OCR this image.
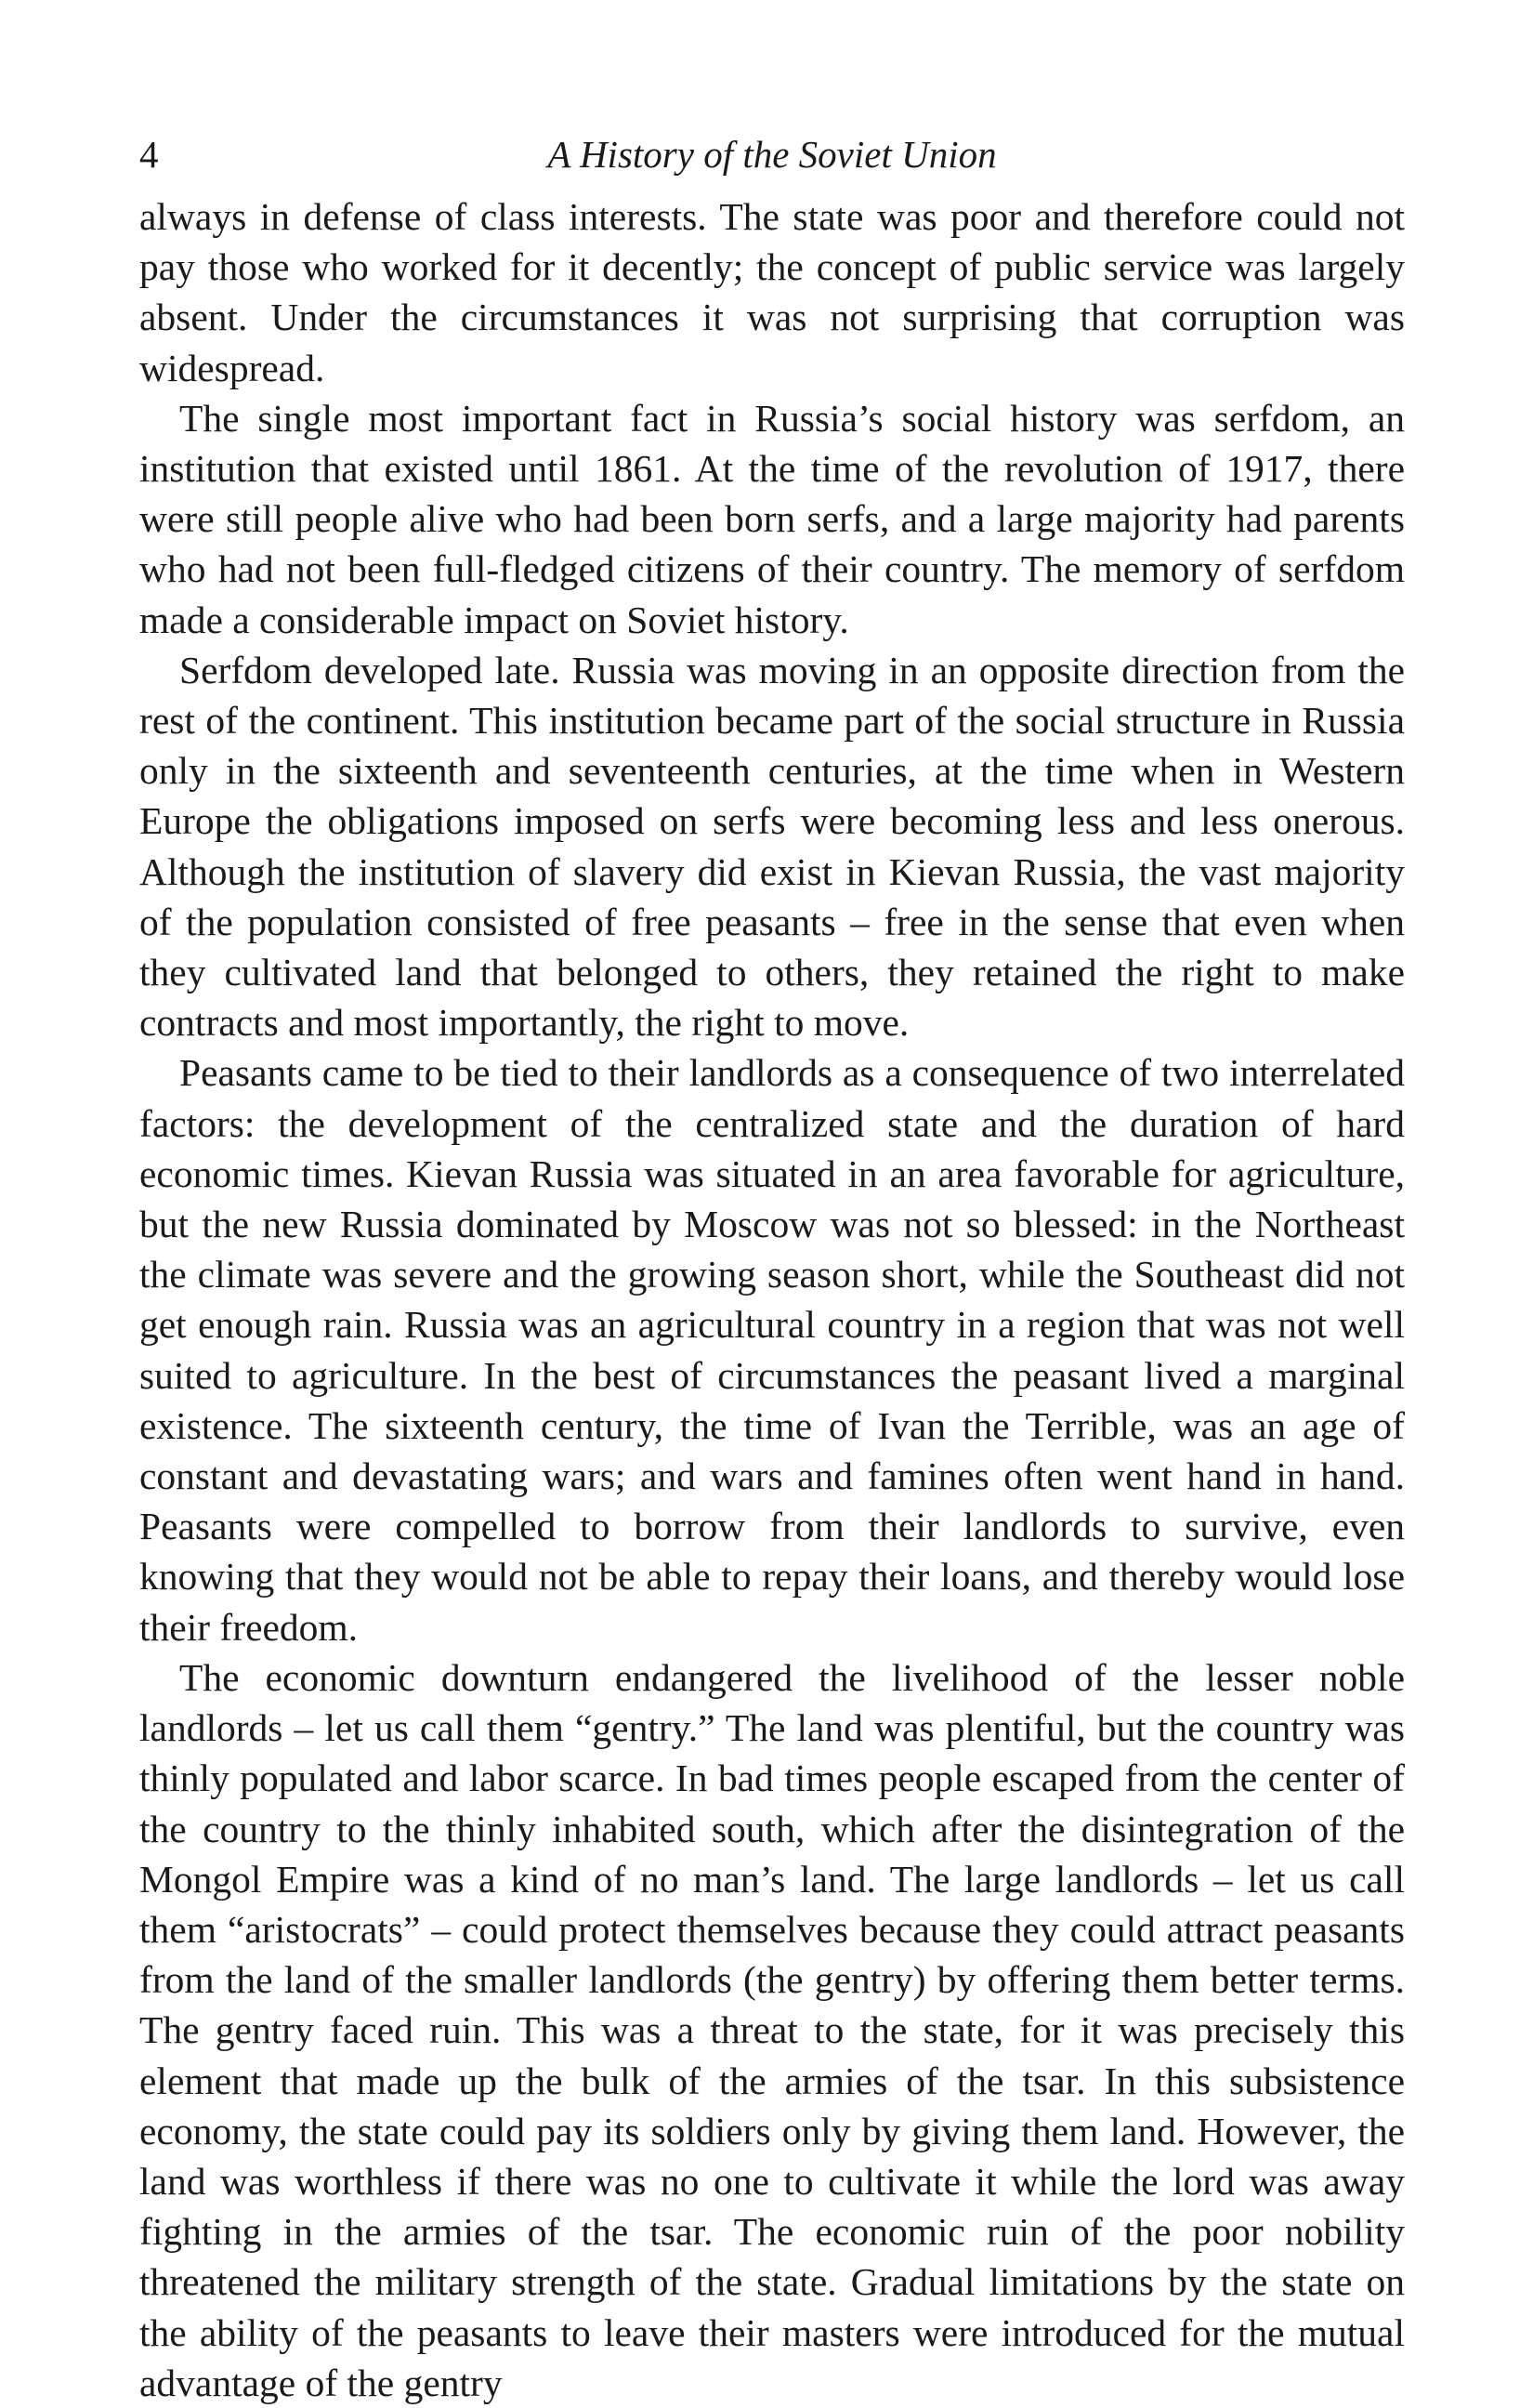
4	A History of the Soviet Union

always in defense of class interests. The state was poor and therefore could not pay those who worked for it decently; the concept of public service was largely absent. Under the circumstances it was not surprising that corruption was widespread.

The single most important fact in Russia’s social history was serfdom, an institution that existed until 1861. At the time of the revolution of 1917, there were still people alive who had been born serfs, and a large majority had parents who had not been full-fledged citizens of their country. The memory of serfdom made a considerable impact on Soviet history.

Serfdom developed late. Russia was moving in an opposite direction from the rest of the continent. This institution became part of the social structure in Russia only in the sixteenth and seventeenth centuries, at the time when in Western Europe the obligations imposed on serfs were becoming less and less onerous. Although the institution of slavery did exist in Kievan Russia, the vast majority of the population consisted of free peasants – free in the sense that even when they cultivated land that belonged to others, they retained the right to make contracts and most importantly, the right to move.

Peasants came to be tied to their landlords as a consequence of two interrelated factors: the development of the centralized state and the duration of hard economic times. Kievan Russia was situated in an area favorable for agriculture, but the new Russia dominated by Moscow was not so blessed: in the Northeast the climate was severe and the growing season short, while the Southeast did not get enough rain. Russia was an agricultural country in a region that was not well suited to agriculture. In the best of circumstances the peasant lived a marginal existence. The sixteenth century, the time of Ivan the Terrible, was an age of constant and devastating wars; and wars and famines often went hand in hand. Peasants were compelled to borrow from their landlords to survive, even knowing that they would not be able to repay their loans, and thereby would lose their freedom.

The economic downturn endangered the livelihood of the lesser noble landlords – let us call them “gentry.” The land was plentiful, but the country was thinly populated and labor scarce. In bad times people escaped from the center of the country to the thinly inhabited south, which after the disintegration of the Mongol Empire was a kind of no man’s land. The large landlords – let us call them “aristocrats” – could protect themselves because they could attract peasants from the land of the smaller landlords (the gentry) by offering them better terms. The gentry faced ruin. This was a threat to the state, for it was precisely this element that made up the bulk of the armies of the tsar. In this subsistence economy, the state could pay its soldiers only by giving them land. However, the land was worthless if there was no one to cultivate it while the lord was away fighting in the armies of the tsar. The economic ruin of the poor nobility threatened the military strength of the state. Gradual limitations by the state on the ability of the peasants to leave their masters were introduced for the mutual advantage of the gentry
